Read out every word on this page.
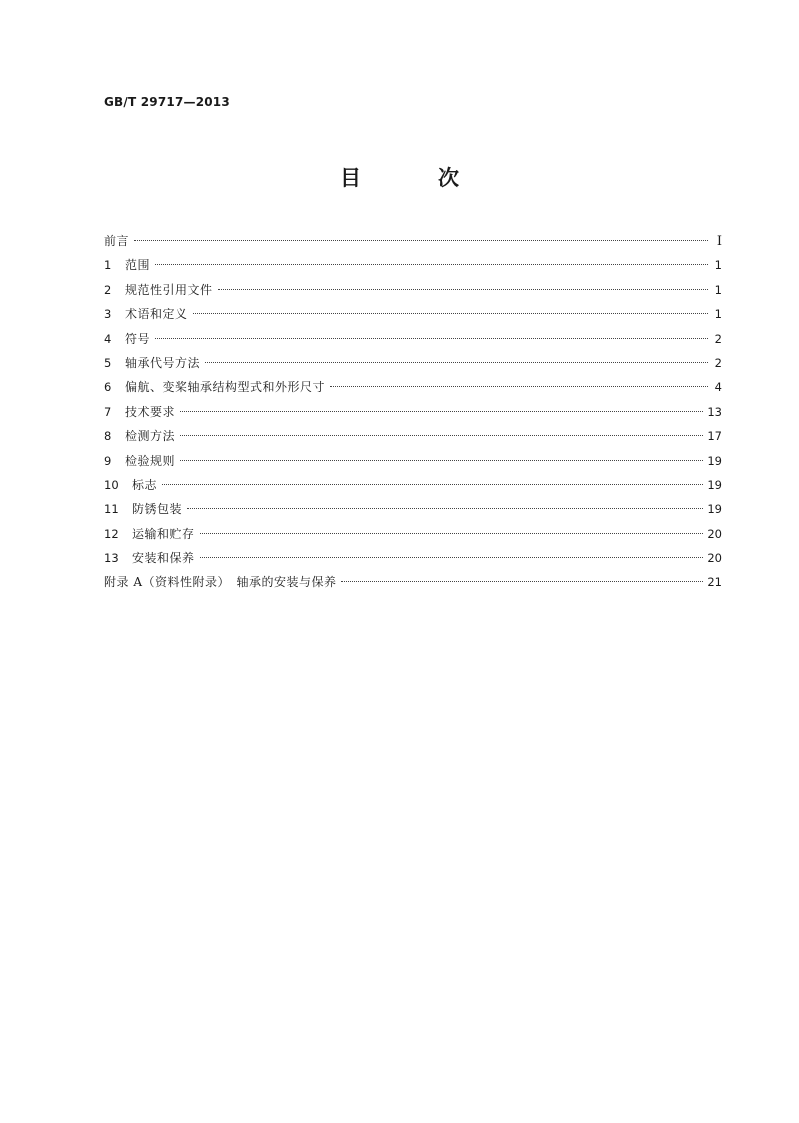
GB/T 29717—2013
目　次
前言	Ⅰ
1	范围	1
2	规范性引用文件	1
3	术语和定义	1
4	符号	2
5	轴承代号方法	2
6	偏航、变桨轴承结构型式和外形尺寸	4
7	技术要求	13
8	检测方法	17
9	检验规则	19
10	标志	19
11	防锈包装	19
12	运输和贮存	20
13	安装和保养	20
附录 A（资料性附录）　轴承的安装与保养	21
